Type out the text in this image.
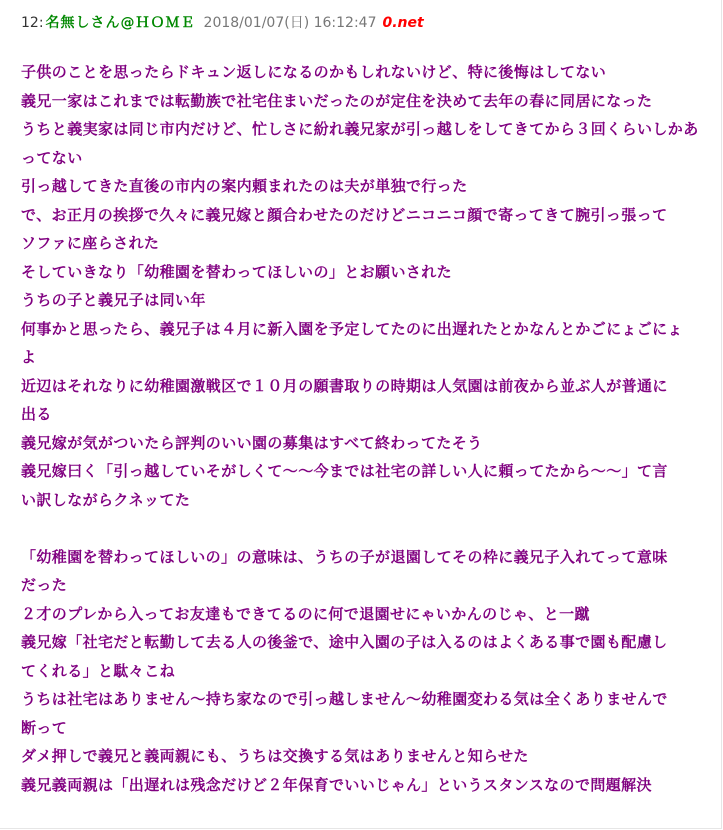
12: 名無しさん@ＨＯＭＥ 2018/01/07(日) 16:12:47 0.net
子供のことを思ったらドキュン返しになるのかもしれないけど、特に後悔はしてない
義兄一家はこれまでは転勤族で社宅住まいだったのが定住を決めて去年の春に同居になった
うちと義実家は同じ市内だけど、忙しさに紛れ義兄家が引っ越しをしてきてから３回くらいしかあ
ってない
引っ越してきた直後の市内の案内頼まれたのは夫が単独で行った
で、お正月の挨拶で久々に義兄嫁と顔合わせたのだけどニコニコ顔で寄ってきて腕引っ張って
ソファに座らされた
そしていきなり「幼稚園を替わってほしいの」とお願いされた
うちの子と義兄子は同い年
何事かと思ったら、義兄子は４月に新入園を予定してたのに出遅れたとかなんとかごにょごにょ
よ
近辺はそれなりに幼稚園激戦区で１０月の願書取りの時期は人気園は前夜から並ぶ人が普通に
出る
義兄嫁が気がついたら評判のいい園の募集はすべて終わってたそう
義兄嫁曰く「引っ越していそがしくて～～今までは社宅の詳しい人に頼ってたから～～」て言
い訳しながらクネッてた
「幼稚園を替わってほしいの」の意味は、うちの子が退園してその枠に義兄子入れてって意味
だった
２才のプレから入ってお友達もできてるのに何で退園せにゃいかんのじゃ、と一蹴
義兄嫁「社宅だと転勤して去る人の後釜で、途中入園の子は入るのはよくある事で園も配慮し
てくれる」と駄々こね
うちは社宅はありません～持ち家なので引っ越しません～幼稚園変わる気は全くありませんで
断って
ダメ押しで義兄と義両親にも、うちは交換する気はありませんと知らせた
義兄義両親は「出遅れは残念だけど２年保育でいいじゃん」というスタンスなので問題解決
